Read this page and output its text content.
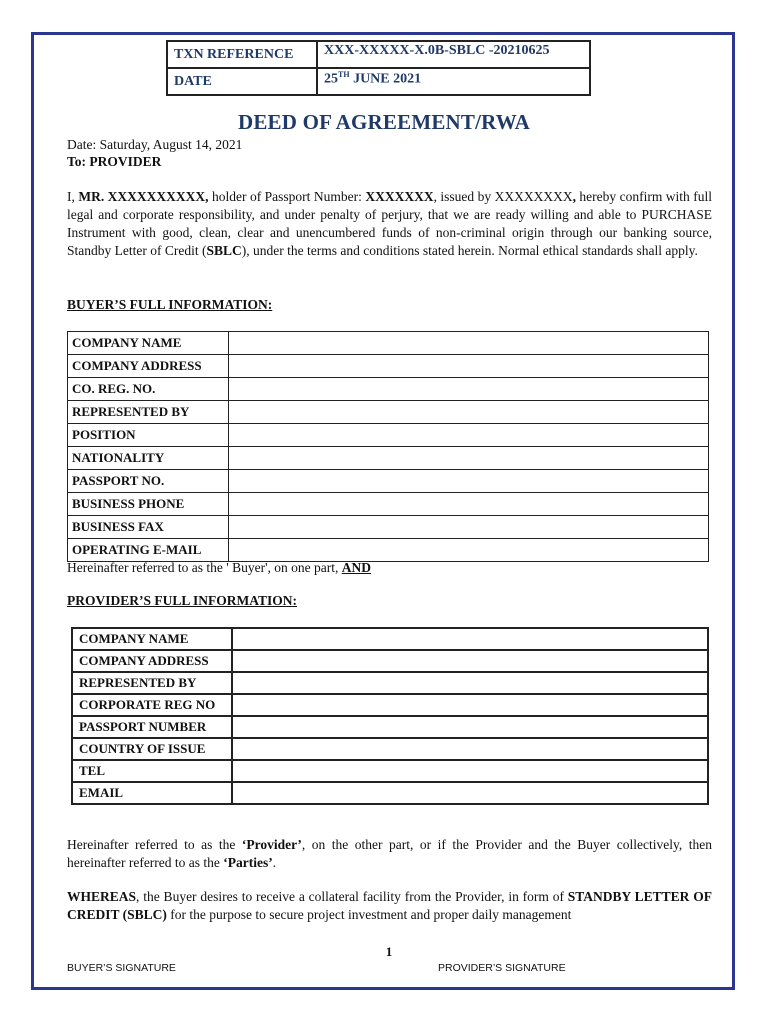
TXN REFERENCE	XXX-XXXXX-X.0B-SBLC -20210625
DATE	25TH JUNE 2021
DEED OF AGREEMENT/RWA
Date: Saturday, August 14, 2021
To: PROVIDER
I, MR. XXXXXXXXXX, holder of Passport Number: XXXXXXX, issued by XXXXXXXX, hereby confirm with full legal and corporate responsibility, and under penalty of perjury, that we are ready willing and able to PURCHASE Instrument with good, clean, clear and unencumbered funds of non-criminal origin through our banking source, Standby Letter of Credit (SBLC), under the terms and conditions stated herein. Normal ethical standards shall apply.
BUYER’S FULL INFORMATION:
COMPANY NAME	
COMPANY ADDRESS	
CO. REG. NO.	
REPRESENTED BY	
POSITION	
NATIONALITY	
PASSPORT NO.	
BUSINESS PHONE	
BUSINESS FAX	
OPERATING E-MAIL	
Hereinafter referred to as the ' Buyer', on one part, AND
PROVIDER’S FULL INFORMATION:
COMPANY NAME	
COMPANY ADDRESS	
REPRESENTED BY	
CORPORATE REG NO	
PASSPORT NUMBER	
COUNTRY OF ISSUE	
TEL	
EMAIL	
Hereinafter referred to as the ‘Provider’, on the other part, or if the Provider and the Buyer collectively, then hereinafter referred to as the ‘Parties’.
WHEREAS, the Buyer desires to receive a collateral facility from the Provider, in form of STANDBY LETTER OF CREDIT (SBLC) for the purpose to secure project investment and proper daily management
1
BUYER’S SIGNATURE	PROVIDER’S SIGNATURE
